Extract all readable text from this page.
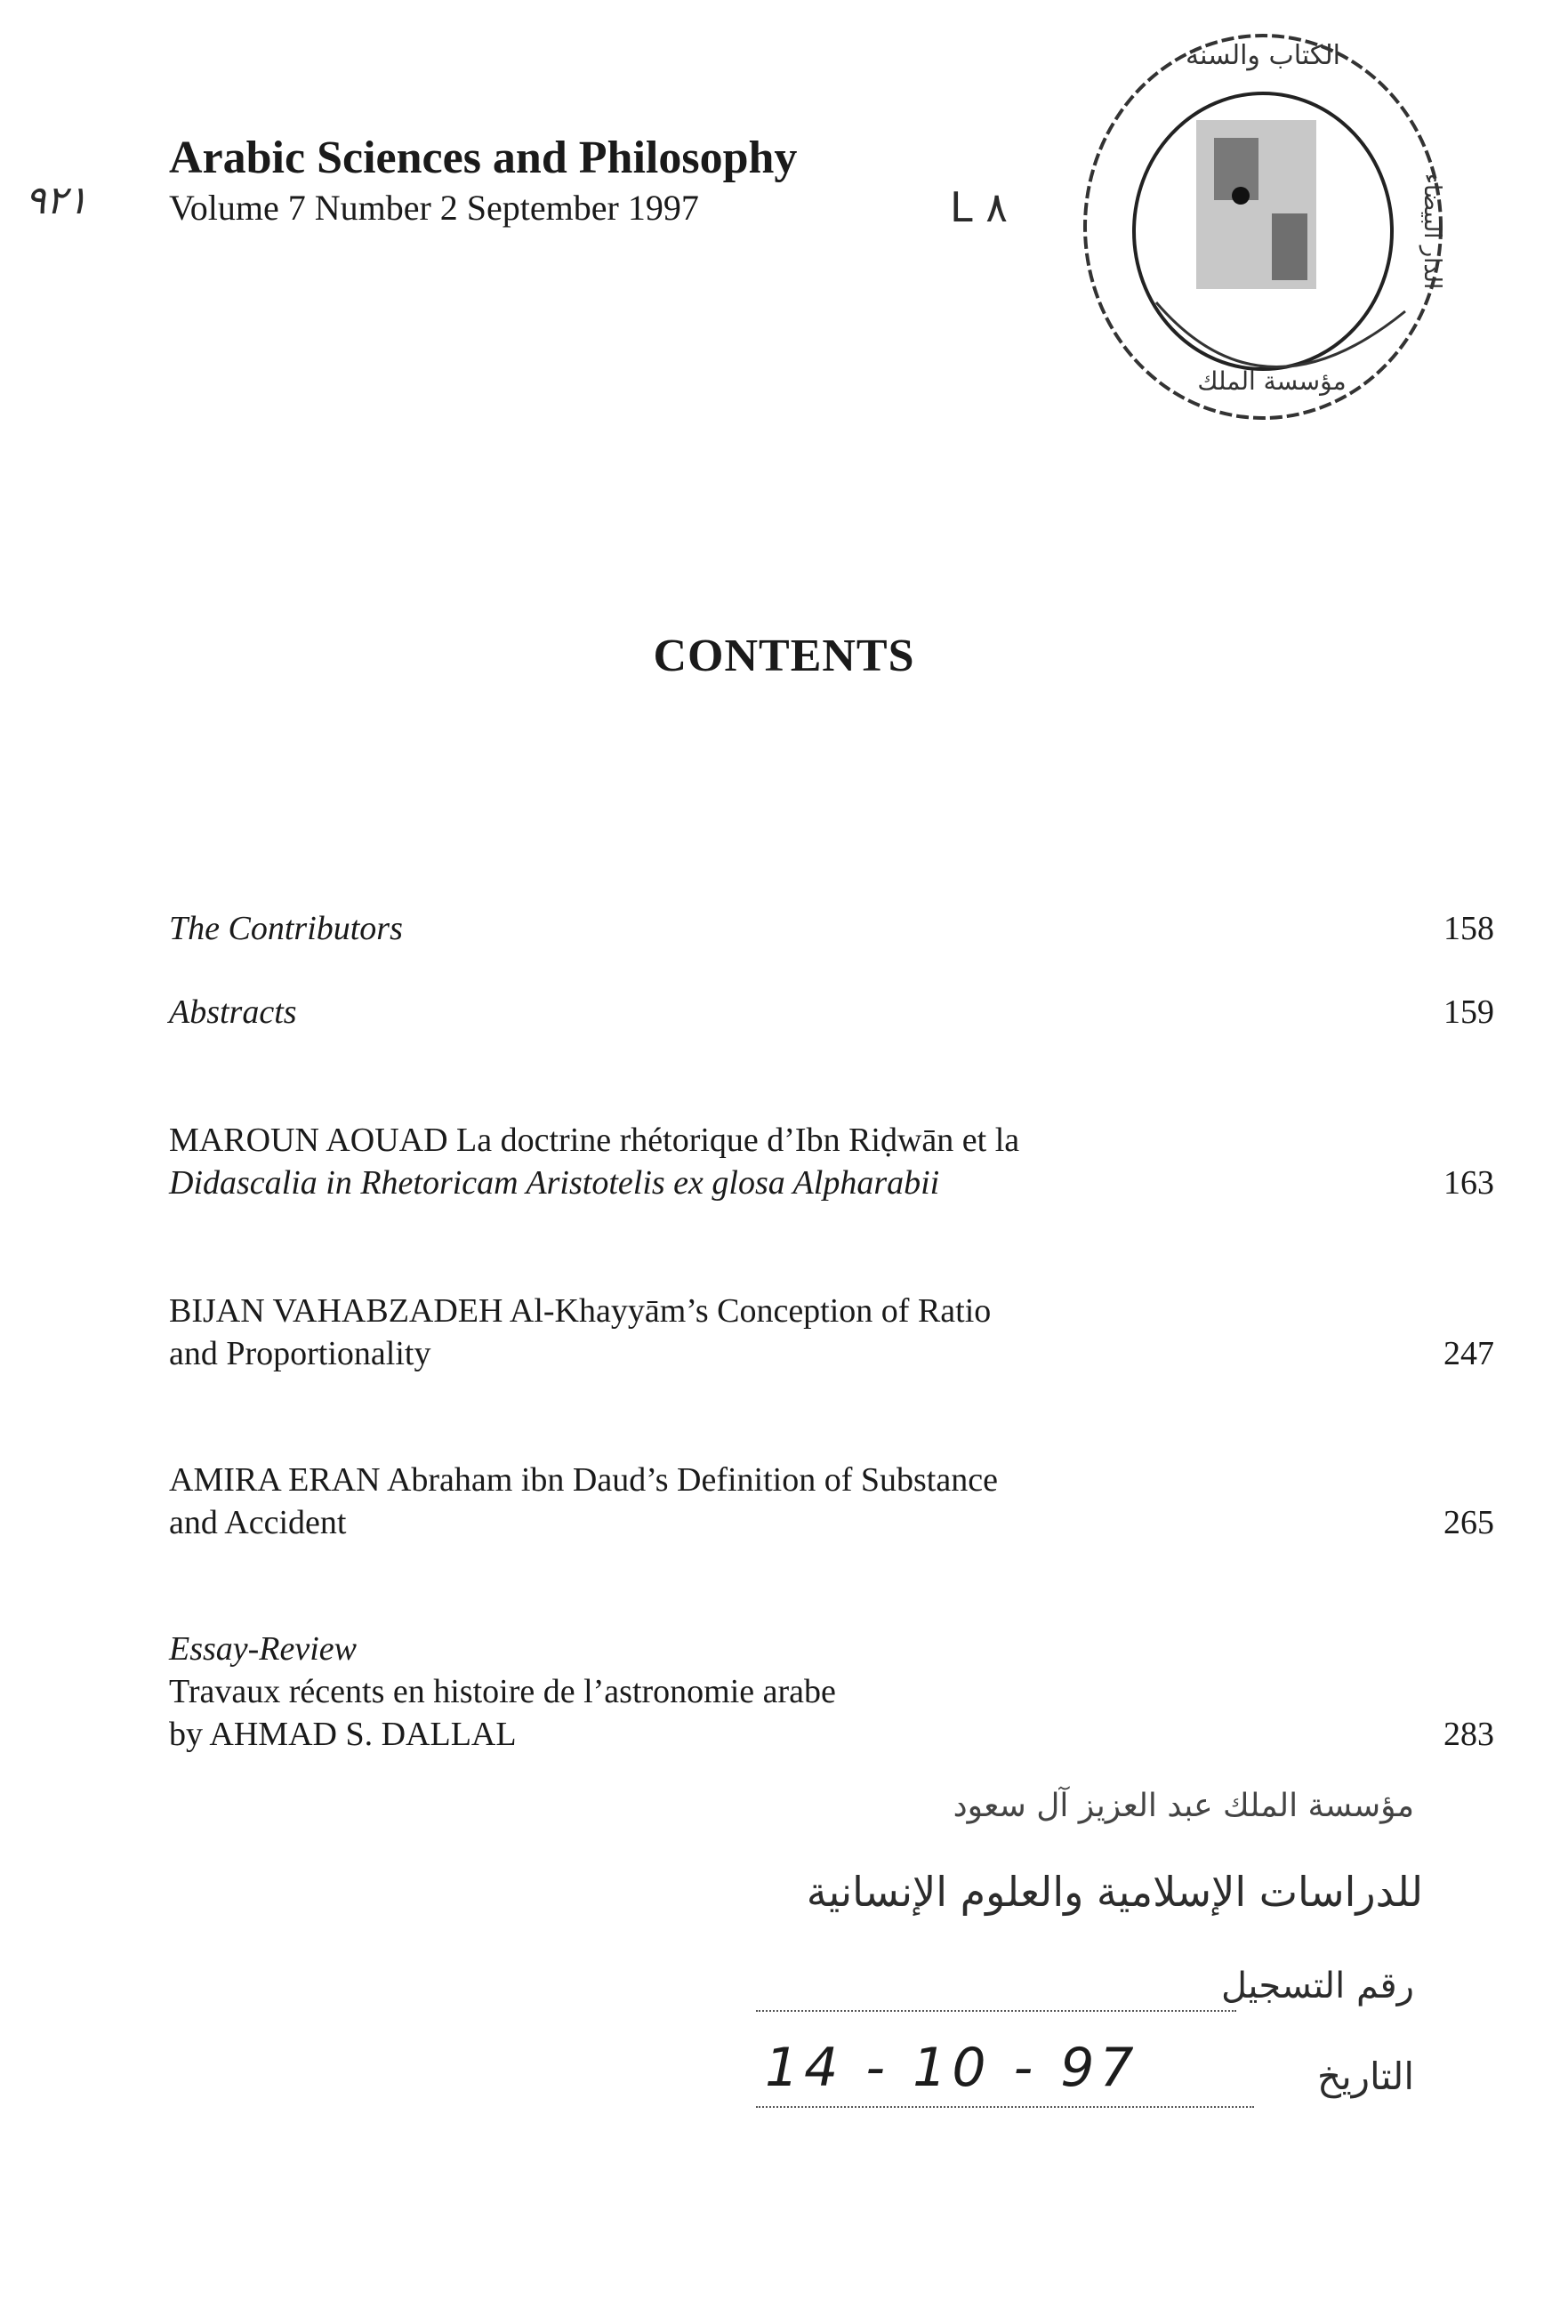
Arabic Sciences and Philosophy
Volume 7 Number 2 September 1997
٩٢١	L ٨
الكتاب والسنة
الدار البيضاء
مؤسسة الملك
CONTENTS
The Contributors	158
Abstracts	159
MAROUN AOUAD La doctrine rhétorique d’Ibn Riḍwān et la
Didascalia in Rhetoricam Aristotelis ex glosa Alpharabii	163
BIJAN VAHABZADEH Al-Khayyām’s Conception of Ratio
and Proportionality	247
AMIRA ERAN Abraham ibn Daud’s Definition of Substance
and Accident	265
Essay-Review
Travaux récents en histoire de l’astronomie arabe
by AHMAD S. DALLAL	283
مؤسسة الملك عبد العزيز آل سعود
للدراسات الإسلامية والعلوم الإنسانية
رقم التسجيل
التاريخ
14 - 10 - 97
